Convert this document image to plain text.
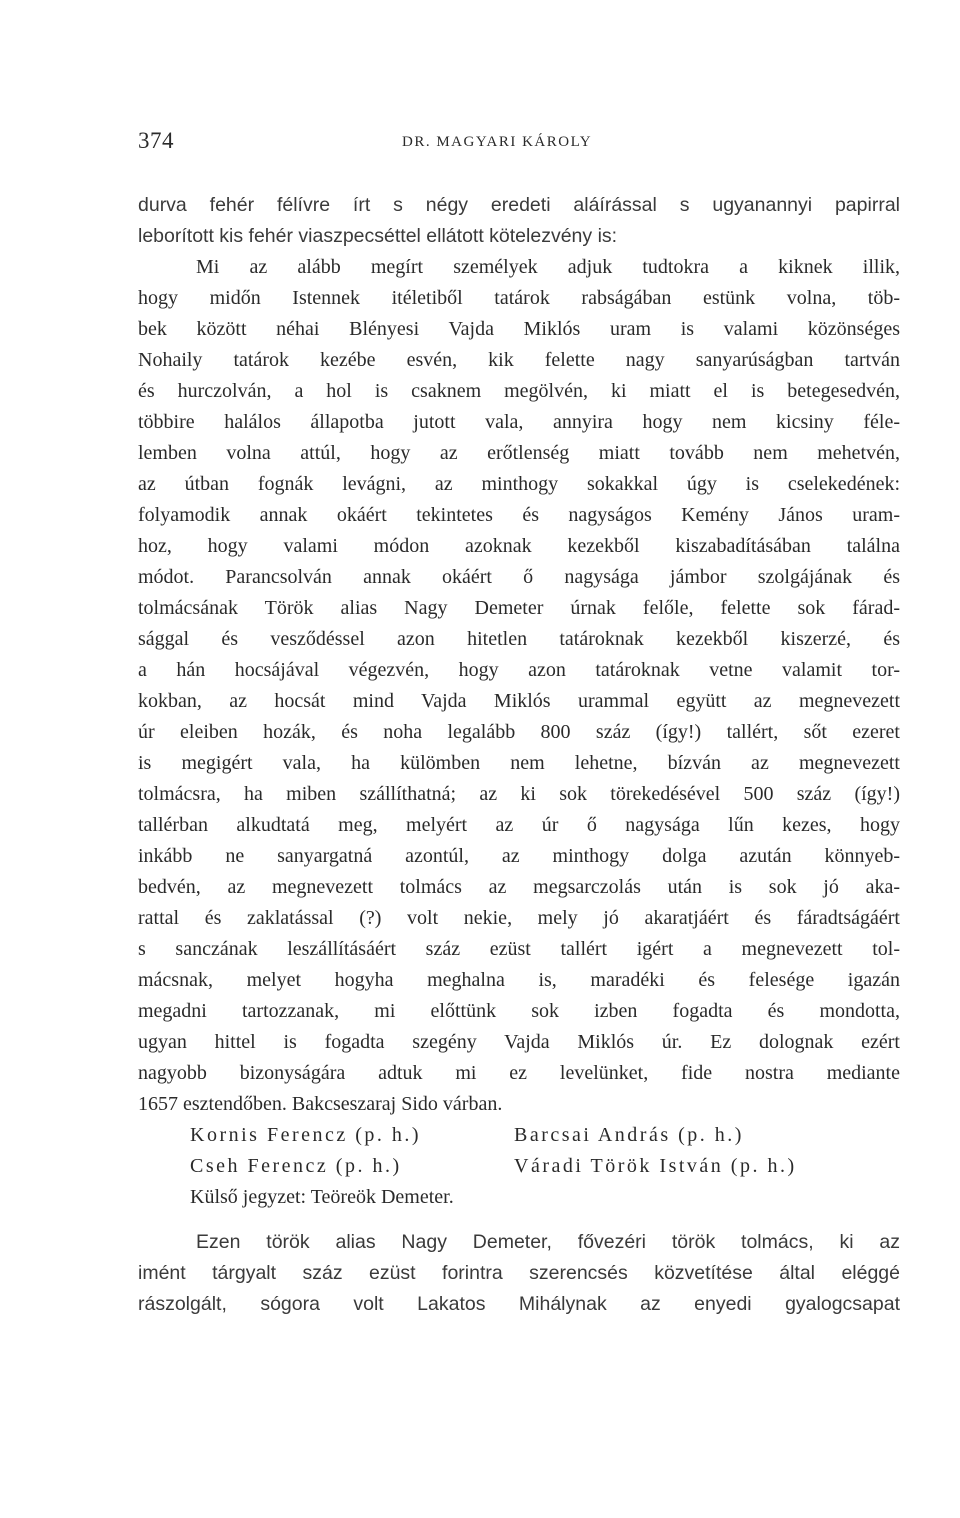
374	DR. MAGYARI KÁROLY
durva fehér félívre írt s négy eredeti aláírással s ugyanannyi papirral
leborított kis fehér viaszpecséttel ellátott kötelezvény is:
Mi az alább megírt személyek adjuk tudtokra a kiknek illik,
hogy midőn Istennek itéletiből tatárok rabságában estünk volna, töb-
bek között néhai Blényesi Vajda Miklós uram is valami közönséges
Nohaily tatárok kezébe esvén, kik felette nagy sanyarúságban tartván
és hurczolván, a hol is csaknem megölvén, ki miatt el is betegesedvén,
többire halálos állapotba jutott vala, annyira hogy nem kicsiny féle-
lemben volna attúl, hogy az erőtlenség miatt tovább nem mehetvén,
az útban fognák levágni, az minthogy sokakkal úgy is cselekedének:
folyamodik annak okáért tekintetes és nagyságos Kemény János uram-
hoz, hogy valami módon azoknak kezekből kiszabadításában találna
módot. Parancsolván annak okáért ő nagysága jámbor szolgájának és
tolmácsának Török alias Nagy Demeter úrnak felőle, felette sok fárad-
sággal és vesződéssel azon hitetlen tatároknak kezekből kiszerzé, és
a hán hocsájával végezvén, hogy azon tatároknak vetne valamit tor-
kokban, az hocsát mind Vajda Miklós urammal együtt az megnevezett
úr eleiben hozák, és noha legalább 800 száz (így!) tallért, sőt ezeret
is megigért vala, ha külömben nem lehetne, bízván az megnevezett
tolmácsra, ha miben szállíthatná; az ki sok törekedésével 500 száz (így!)
tallérban alkudtatá meg, melyért az úr ő nagysága lűn kezes, hogy
inkább ne sanyargatná azontúl, az minthogy dolga azután könnyeb-
bedvén, az megnevezett tolmács az megsarczolás után is sok jó aka-
rattal és zaklatással (?) volt nekie, mely jó akaratjáért és fáradtságáért
s sanczának leszállításáért száz ezüst tallért igért a megnevezett tol-
mácsnak, melyet hogyha meghalna is, maradéki és felesége igazán
megadni tartozzanak, mi előttünk sok izben fogadta és mondotta,
ugyan hittel is fogadta szegény Vajda Miklós úr. Ez dolognak ezért
nagyobb bizonyságára adtuk mi ez levelünket, fide nostra mediante
1657 esztendőben. Bakcseszaraj Sido várban.
Kornis Ferencz (p. h.)	Barcsai András (p. h.)
Cseh Ferencz (p. h.)	Váradi Török István (p. h.)
Külső jegyzet: Teöreök Demeter.
Ezen török alias Nagy Demeter, fővezéri török tolmács, ki az
imént tárgyalt száz ezüst forintra szerencsés közvetítése által eléggé
rászolgált, sógora volt Lakatos Mihálynak az enyedi gyalogcsapat
